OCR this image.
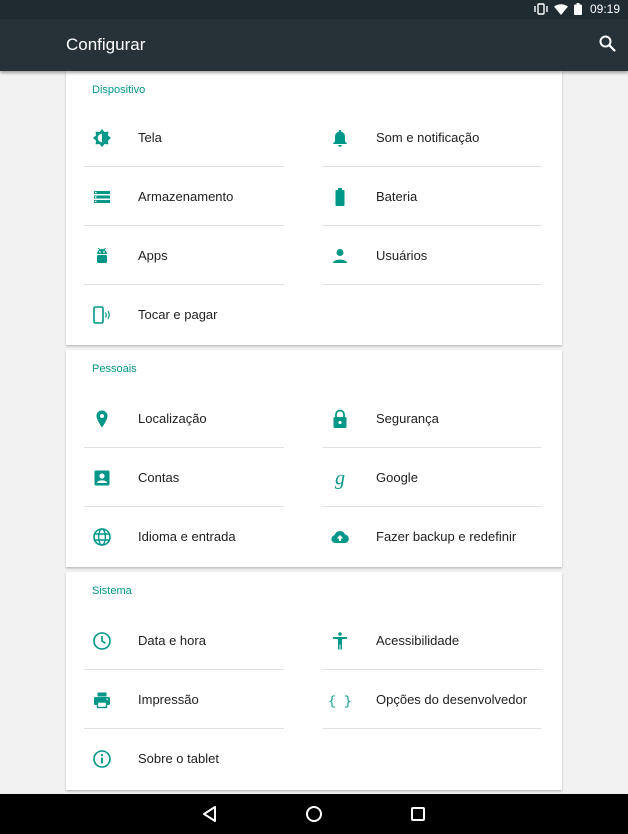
09:19
Configurar
Dispositivo
Tela	Som e notificação
Armazenamento	Bateria
Apps	Usuários
Tocar e pagar
Pessoais
Localização	Segurança
Contas	g Google
Idioma e entrada	Fazer backup e redefinir
Sistema
Data e hora	Acessibilidade
Impressão	{ } Opções do desenvolvedor
Sobre o tablet
